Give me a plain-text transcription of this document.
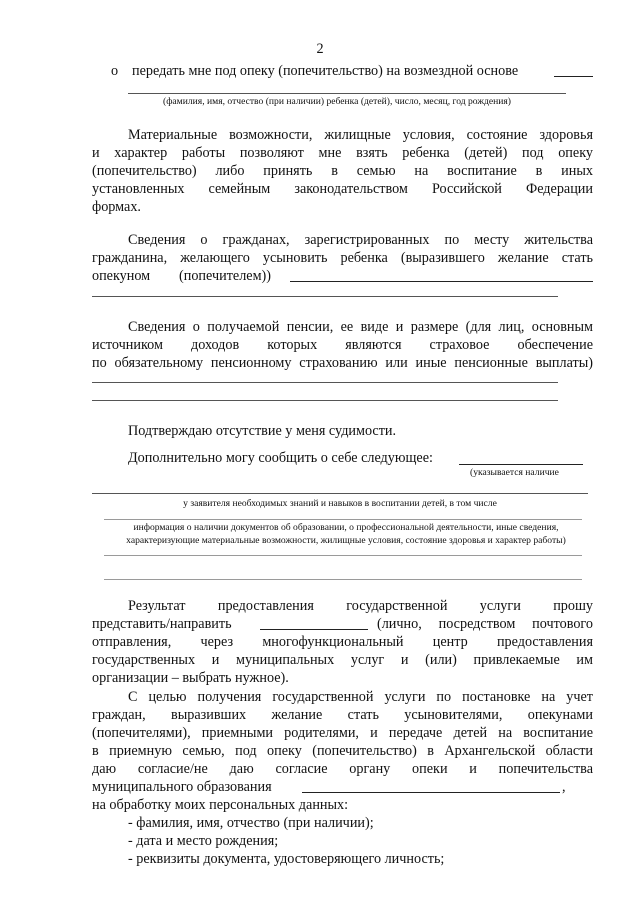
2
o передать мне под опеку (попечительство) на возмездной основе
(фамилия, имя, отчество (при наличии) ребенка (детей), число, месяц, год рождения)
Материальные возможности, жилищные условия, состояние здоровья
и характер работы позволяют мне взять ребенка (детей) под опеку
(попечительство) либо принять в семью на воспитание в иных
установленных семейным законодательством Российской Федерации
формах.
Сведения о гражданах, зарегистрированных по месту жительства
гражданина, желающего усыновить ребенка (выразившего желание стать
опекуном (попечителем))
Сведения о получаемой пенсии, ее виде и размере (для лиц, основным
источником доходов которых являются страховое обеспечение
по обязательному пенсионному страхованию или иные пенсионные выплаты)
Подтверждаю отсутствие у меня судимости.
Дополнительно могу сообщить о себе следующее:
(указывается наличие
у заявителя необходимых знаний и навыков в воспитании детей, в том числе
информация о наличии документов об образовании, о профессиональной деятельности, иные сведения,
характеризующие материальные возможности, жилищные условия, состояние здоровья и характер работы)
Результат предоставления государственной услуги прошу
представить/направить	(лично, посредством почтового
отправления, через многофункциональный центр предоставления
государственных и муниципальных услуг и (или) привлекаемые им
организации – выбрать нужное).
С целью получения государственной услуги по постановке на учет
граждан, выразивших желание стать усыновителями, опекунами
(попечителями), приемными родителями, и передаче детей на воспитание
в приемную семью, под опеку (попечительство) в Архангельской области
даю согласие/не даю согласие органу опеки и попечительства
муниципального образования	,
на обработку моих персональных данных:
- фамилия, имя, отчество (при наличии);
- дата и место рождения;
- реквизиты документа, удостоверяющего личность;
